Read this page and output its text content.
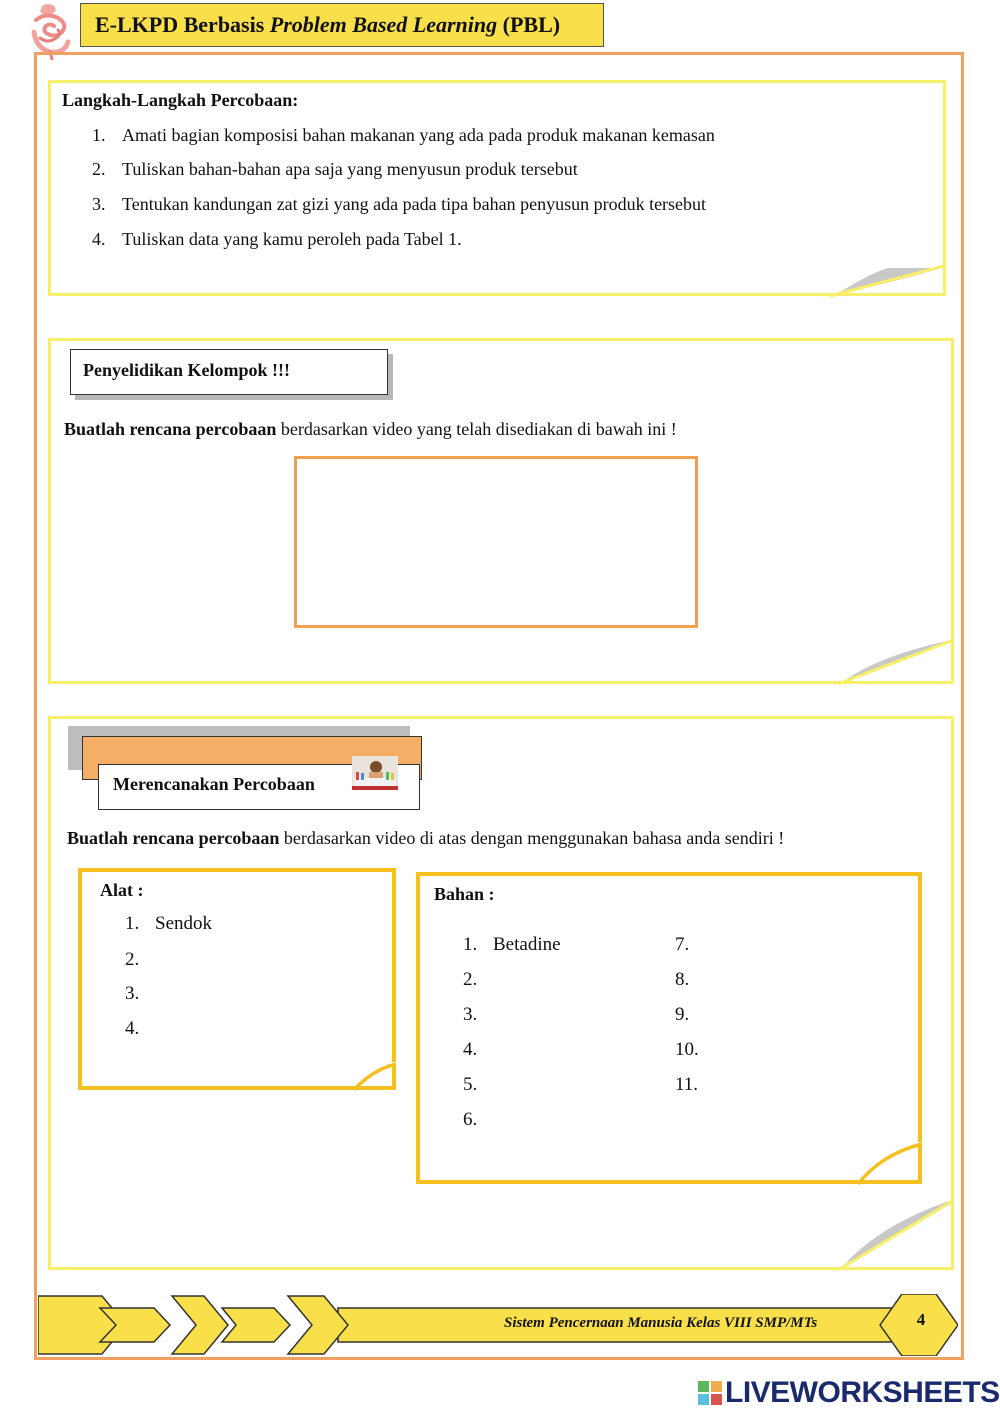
E-LKPD Berbasis Problem Based Learning (PBL)
Langkah-Langkah Percobaan:
1. Amati bagian komposisi bahan makanan yang ada pada produk makanan kemasan
2. Tuliskan bahan-bahan apa saja yang menyusun produk tersebut
3. Tentukan kandungan zat gizi yang ada pada tipa bahan penyusun produk tersebut
4. Tuliskan data yang kamu peroleh pada Tabel 1.
Penyelidikan Kelompok !!!
Buatlah rencana percobaan berdasarkan video yang telah disediakan di bawah ini !
Merencanakan Percobaan
Buatlah rencana percobaan berdasarkan video di atas dengan menggunakan bahasa anda sendiri !
Alat :
1. Sendok
2.
3.
4.
Bahan :
1. Betadine
2.
3.
4.
5.
6.
7.
8.
9.
10.
11.
Sistem Pencernaan Manusia Kelas VIII SMP/MTs	4
LIVEWORKSHEETS
